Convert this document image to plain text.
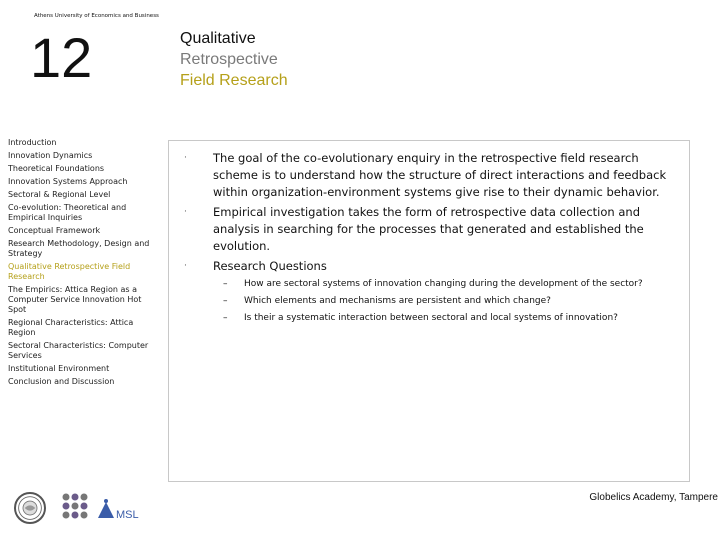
Athens University of Economics and Business
12	Qualitative
Retrospective
Field Research
Introduction
Innovation Dynamics
Theoretical Foundations
Innovation Systems Approach
Sectoral & Regional Level
Co-evolution: Theoretical and Empirical Inquiries
Conceptual Framework
Research Methodology, Design and Strategy
Qualitative Retrospective Field Research
The Empirics: Attica Region as a Computer Service Innovation Hot Spot
Regional Characteristics: Attica Region
Sectoral Characteristics: Computer Services
Institutional Environment
Conclusion and Discussion
· The goal of the co-evolutionary enquiry in the retrospective field research scheme is to understand how the structure of direct interactions and feedback within organization-environment systems give rise to their dynamic behavior.
· Empirical investigation takes the form of retrospective data collection and analysis in searching for the processes that generated and established the evolution.
· Research Questions
– How are sectoral systems of innovation changing during the development of the sector?
– Which elements and mechanisms are persistent and which change?
– Is their a systematic interaction between sectoral and local systems of innovation?
MSL
Globelics Academy, Tampere
